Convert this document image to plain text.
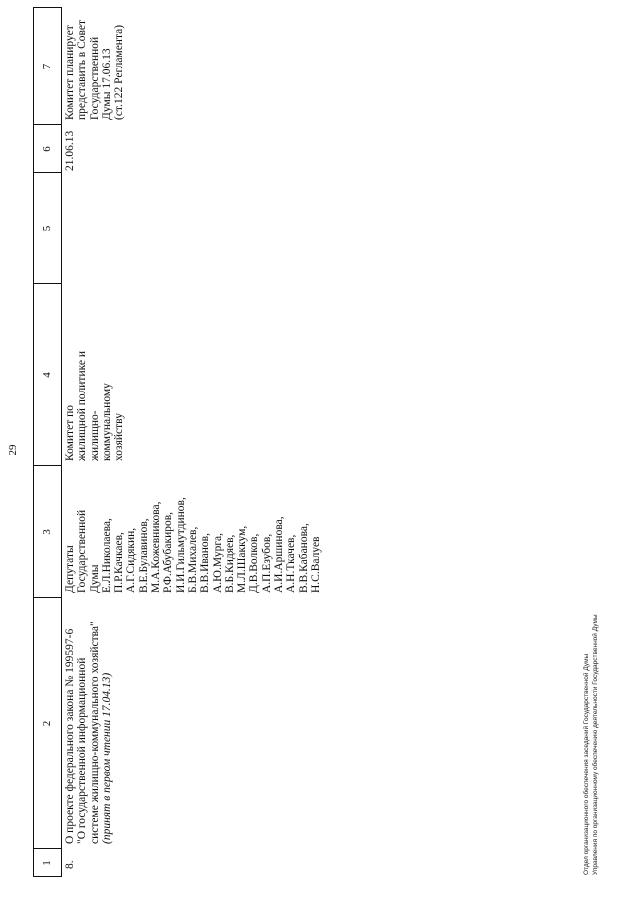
29
1
2
3
4
5
6
7
8.
О проекте федерального закона № 199597-6 "О государственной информационной системе жилищно-коммунального хозяйства" (принят в первом чтении 17.04.13)
Депутаты Государственной Думы Е.Л.Николаева, П.Р.Качкаев, А.Г.Сидякин, В.Е.Булавинов, М.А.Кожевникова, Р.Ф.Абубакиров, И.И.Гильмутдинов, Б.В.Михалев, В.В.Иванов, А.Ю.Мурга, В.Б.Кидяев, М.Л.Шаккум, Д.В.Волков, А.П.Езубов, А.И.Аршинова, А.Н.Ткачев, В.В.Кабанова, Н.С.Валуев
Комитет по жилищной политике и жилищно- коммунальному хозяйству
21.06.13
Комитет планирует представить в Совет Государственной Думы 17.06.13 (ст.122 Регламента)
Отдел организационного обеспечения заседаний Государственной Думы Управления по организационному обеспечению деятельности Государственной Думы
